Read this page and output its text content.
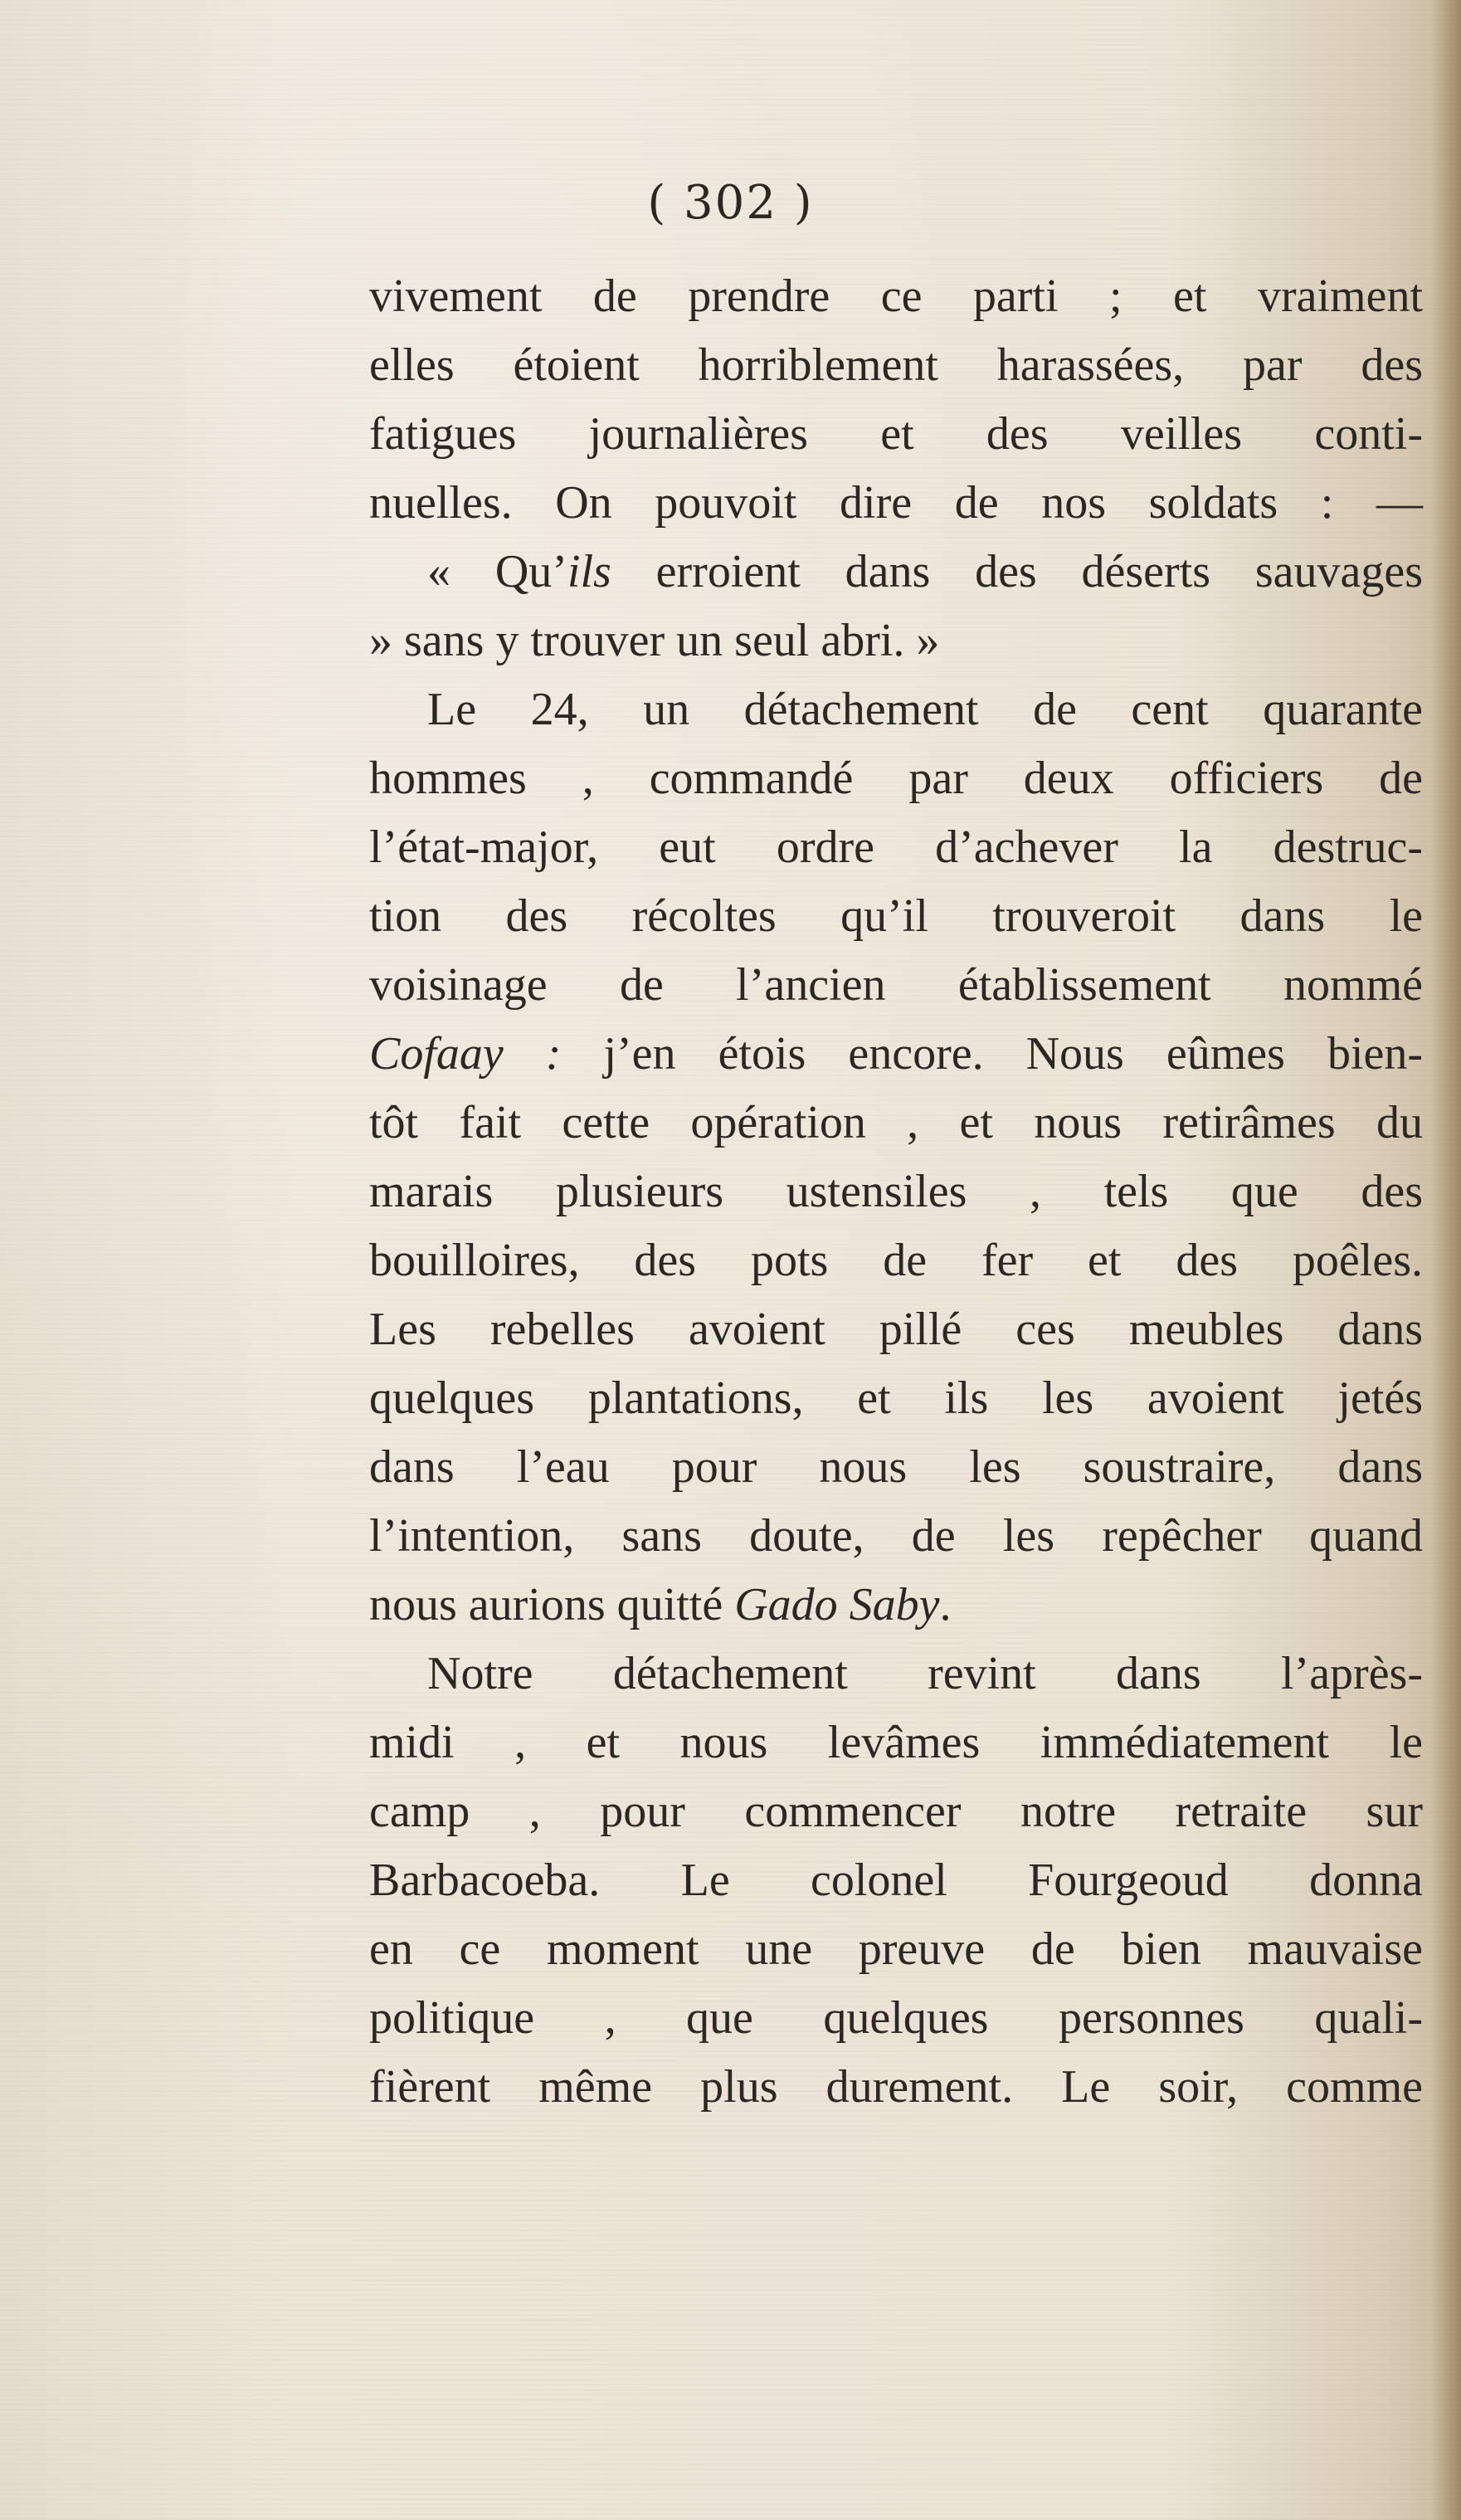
( 302 )
vivement de prendre ce parti ; et vraiment
elles étoient horriblement harassées, par des
fatigues journalières et des veilles conti-
nuelles. On pouvoit dire de nos soldats : —
« Qu’ils erroient dans des déserts sauvages
» sans y trouver un seul abri. »
Le 24, un détachement de cent quarante
hommes , commandé par deux officiers de
l’état-major, eut ordre d’achever la destruc-
tion des récoltes qu’il trouveroit dans le
voisinage de l’ancien établissement nommé
Cofaay : j’en étois encore. Nous eûmes bien-
tôt fait cette opération , et nous retirâmes du
marais plusieurs ustensiles , tels que des
bouilloires, des pots de fer et des poêles.
Les rebelles avoient pillé ces meubles dans
quelques plantations, et ils les avoient jetés
dans l’eau pour nous les soustraire, dans
l’intention, sans doute, de les repêcher quand
nous aurions quitté Gado Saby.
Notre détachement revint dans l’après-
midi , et nous levâmes immédiatement le
camp , pour commencer notre retraite sur
Barbacoeba. Le colonel Fourgeoud donna
en ce moment une preuve de bien mauvaise
politique , que quelques personnes quali-
fièrent même plus durement. Le soir, comme
